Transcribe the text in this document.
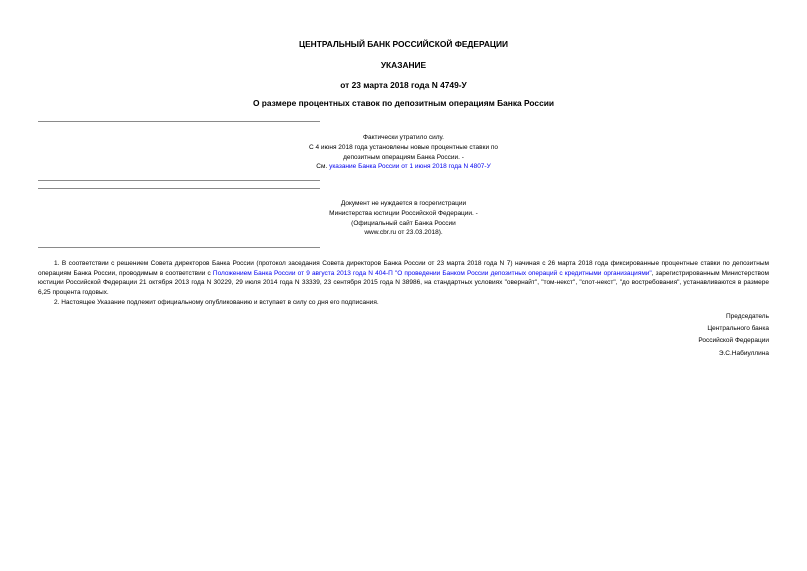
ЦЕНТРАЛЬНЫЙ БАНК РОССИЙСКОЙ ФЕДЕРАЦИИ
УКАЗАНИЕ
от 23 марта 2018 года N 4749-У
О размере процентных ставок по депозитным операциям Банка России
Фактически утратило силу.
С 4 июня 2018 года установлены новые процентные ставки по
депозитным операциям Банка России. -
См. указание Банка России от 1 июня 2018 года N 4807-У
Документ не нуждается в госрегистрации
Министерства юстиции Российской Федерации. -
(Официальный сайт Банка России
www.cbr.ru от 23.03.2018).
1. В соответствии с решением Совета директоров Банка России (протокол заседания Совета директоров Банка России от 23 марта 2018 года N 7) начиная с 26 марта 2018 года фиксированные процентные ставки по депозитным операциям Банка России, проводимым в соответствии с Положением Банка России от 9 августа 2013 года N 404-П "О проведении Банком России депозитных операций с кредитными организациями", зарегистрированным Министерством юстиции Российской Федерации 21 октября 2013 года N 30229, 29 июля 2014 года N 33339, 23 сентября 2015 года N 38986, на стандартных условиях "овернайт", "том-некст", "спот-некст", "до востребования", устанавливаются в размере 6,25 процента годовых.
2. Настоящее Указание подлежит официальному опубликованию и вступает в силу со дня его подписания.
Председатель
Центрального банка
Российской Федерации
Э.С.Набиуллина
